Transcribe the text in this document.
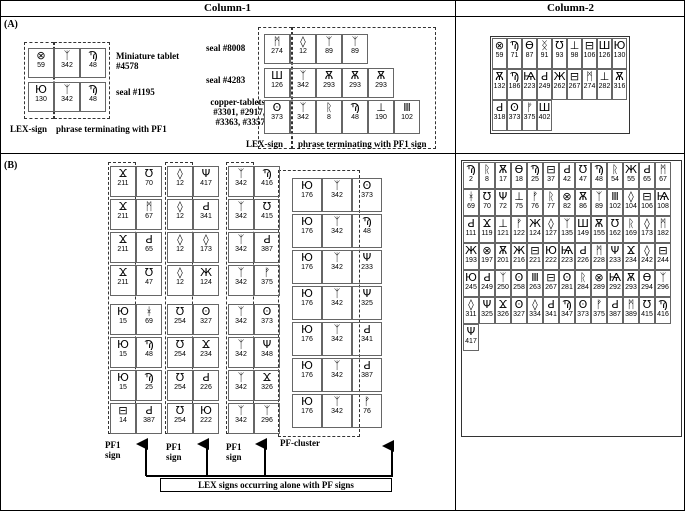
Column-1	Column-2
(A)
⊗
59
ᛉ
342
Ϡ
48
Ю
130
ᛉ
342
Ϡ
48
Miniature tablet #4578
seal #1195
LEX-sign phrase terminating with PF1
seal #8008
seal #4283
copper-tablets #3301, #2917, #3363, #3357
LEX-sign phrase terminating with PF1 sign
ᛗ
274
◊
12
ᛉ
89
ᛉ
89
Ш
126
ᛉ
342
Ѫ
293
Ѫ
293
Ѫ
293
ʘ
373
ᛉ
342
ᚱ
8
Ϡ
48
⊥
190
Ⅲ
102
⊗
59
Ϡ
71
Ѳ
87
ᛝ
91
Ʊ
93
⊥
98
⊟
106
Ш
126
Ю
130
Ѫ
132
Ϡ
186
Ѩ
223
Ԁ
249
Ж
262
⊟
267
ᛗ
274
⊥
282
Ѫ
316
Ԁ
318
ʘ
373
ᚠ
375
Ш
402
(B)
Ϫ
211
Ʊ
70
Ϫ
211
ᛗ
67
Ϫ
211
Ԁ
65
Ϫ
211
Ʊ
47
Ю
15
ᚼ
69
Ю
15
Ϡ
48
Ю
15
Ϡ
25
⊟
14
Ԁ
387
◊
12
Ψ
417
◊
12
Ԁ
341
◊
12
◊
173
◊
12
Ж
124
Ʊ
254
ʘ
327
Ʊ
254
Ϫ
234
Ʊ
254
Ԁ
226
Ʊ
254
Ю
222
ᛉ
342
Ϡ
416
ᛉ
342
Ʊ
415
ᛉ
342
Ԁ
387
ᛉ
342
ᚠ
375
ᛉ
342
ʘ
373
ᛉ
342
Ψ
348
ᛉ
342
Ϫ
326
ᛉ
342
ᛉ
296
Ю
176
ᛉ
342
ʘ
373
Ю
176
ᛉ
342
Ϡ
48
Ю
176
ᛉ
342
Ψ
233
Ю
176
ᛉ
342
Ψ
325
Ю
176
ᛉ
342
Ԁ
341
Ю
176
ᛉ
342
Ԁ
387
Ю
176
ᛉ
342
ᚠ
76
PF1 sign
PF1 sign
PF1 sign
PF-cluster
LEX signs occurring alone with PF signs
Ϡ
2
ᚱ
8
Ѫ
17
Ѳ
18
Ϡ
25
⊟
37
Ԁ
42
Ʊ
47
Ϡ
48
ᚱ
54
Ж
55
Ԁ
65
ᛗ
67
ᚼ
69
Ʊ
70
Ψ
72
⊥
75
ᚠ
76
ᚱ
77
⊗
82
Ѫ
86
ᛉ
89
Ⅲ
102
◊
104
⊟
106
Ѩ
108
Ԁ
111
Ϫ
119
⊥
121
ᚠ
122
Ж
124
◊
127
ᛉ
135
Ш
149
Ѫ
155
Ʊ
162
ᚱ
169
◊
173
ᛗ
182
Ж
193
⊗
197
Ѫ
201
Ж
216
⊟
221
Ю
222
Ѩ
223
Ԁ
226
ᛗ
228
Ψ
233
Ϫ
234
◊
242
⊟
244
Ю
245
Ԁ
249
ᛉ
250
ʘ
258
Ⅲ
263
⊟
267
ʘ
281
ᚱ
284
⊗
289
Ѩ
292
Ѫ
293
Ѳ
294
ᛉ
296
◊
311
Ψ
325
Ϫ
326
ʘ
327
◊
334
Ԁ
341
Ϡ
347
ʘ
373
ᚠ
375
Ԁ
387
ᛗ
389
Ʊ
415
Ϡ
416
Ψ
417
